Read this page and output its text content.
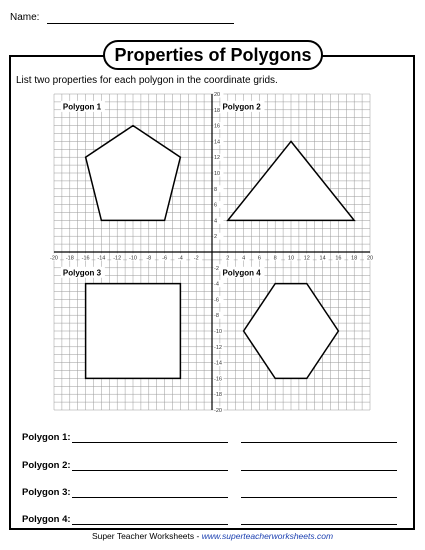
Name:
Properties of Polygons
List two properties for each polygon in the coordinate grids.
-20 -18 -16 -14 -12 -10 -8 -6 -4 -2	2 4 6 8 10 12 14 16 18 20
20
18
16
14
12
10
8
6
4
2
-2
-4
-6
-8
-10
-12
-14
-16
-18
-20
Polygon 1	Polygon 2
Polygon 3	Polygon 4
Polygon 1:
Polygon 2:
Polygon 3:
Polygon 4:
Super Teacher Worksheets - www.superteacherworksheets.com
